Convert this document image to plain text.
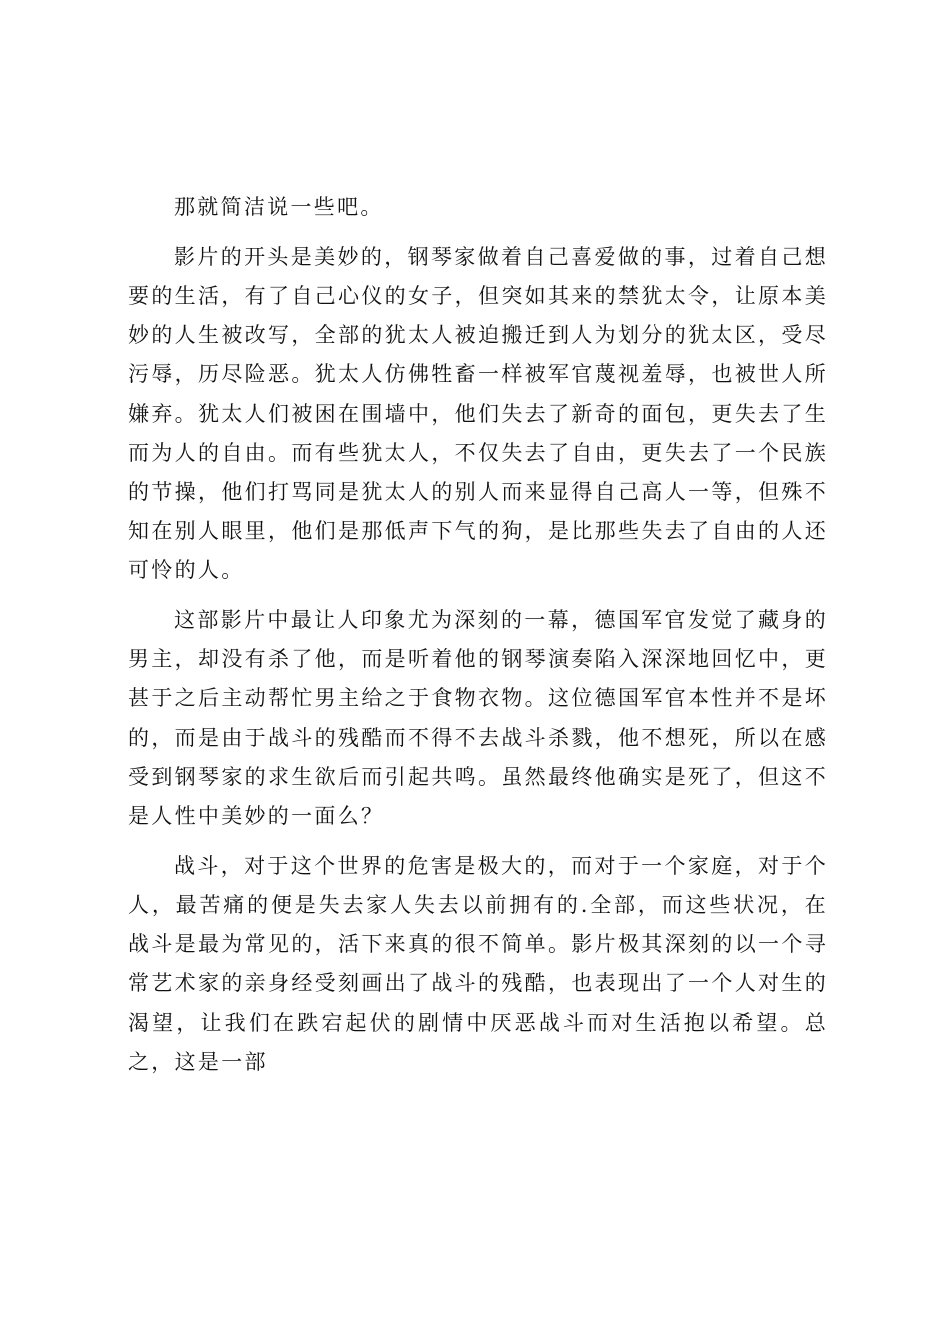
那就简洁说一些吧。

影片的开头是美妙的，钢琴家做着自己喜爱做的事，过着自己想要的生活，有了自己心仪的女子，但突如其来的禁犹太令，让原本美妙的人生被改写，全部的犹太人被迫搬迁到人为划分的犹太区，受尽污辱，历尽险恶。犹太人仿佛牲畜一样被军官蔑视羞辱，也被世人所嫌弃。犹太人们被困在围墙中，他们失去了新奇的面包，更失去了生而为人的自由。而有些犹太人，不仅失去了自由，更失去了一个民族的节操，他们打骂同是犹太人的别人而来显得自己高人一等，但殊不知在别人眼里，他们是那低声下气的狗，是比那些失去了自由的人还可怜的人。

这部影片中最让人印象尤为深刻的一幕，德国军官发觉了藏身的男主，却没有杀了他，而是听着他的钢琴演奏陷入深深地回忆中，更甚于之后主动帮忙男主给之于食物衣物。这位德国军官本性并不是坏的，而是由于战斗的残酷而不得不去战斗杀戮，他不想死，所以在感受到钢琴家的求生欲后而引起共鸣。虽然最终他确实是死了，但这不是人性中美妙的一面么？

战斗，对于这个世界的危害是极大的，而对于一个家庭，对于个人，最苦痛的便是失去家人失去以前拥有的.全部，而这些状况，在战斗是最为常见的，活下来真的很不简单。影片极其深刻的以一个寻常艺术家的亲身经受刻画出了战斗的残酷，也表现出了一个人对生的渴望，让我们在跌宕起伏的剧情中厌恶战斗而对生活抱以希望。总之，这是一部
